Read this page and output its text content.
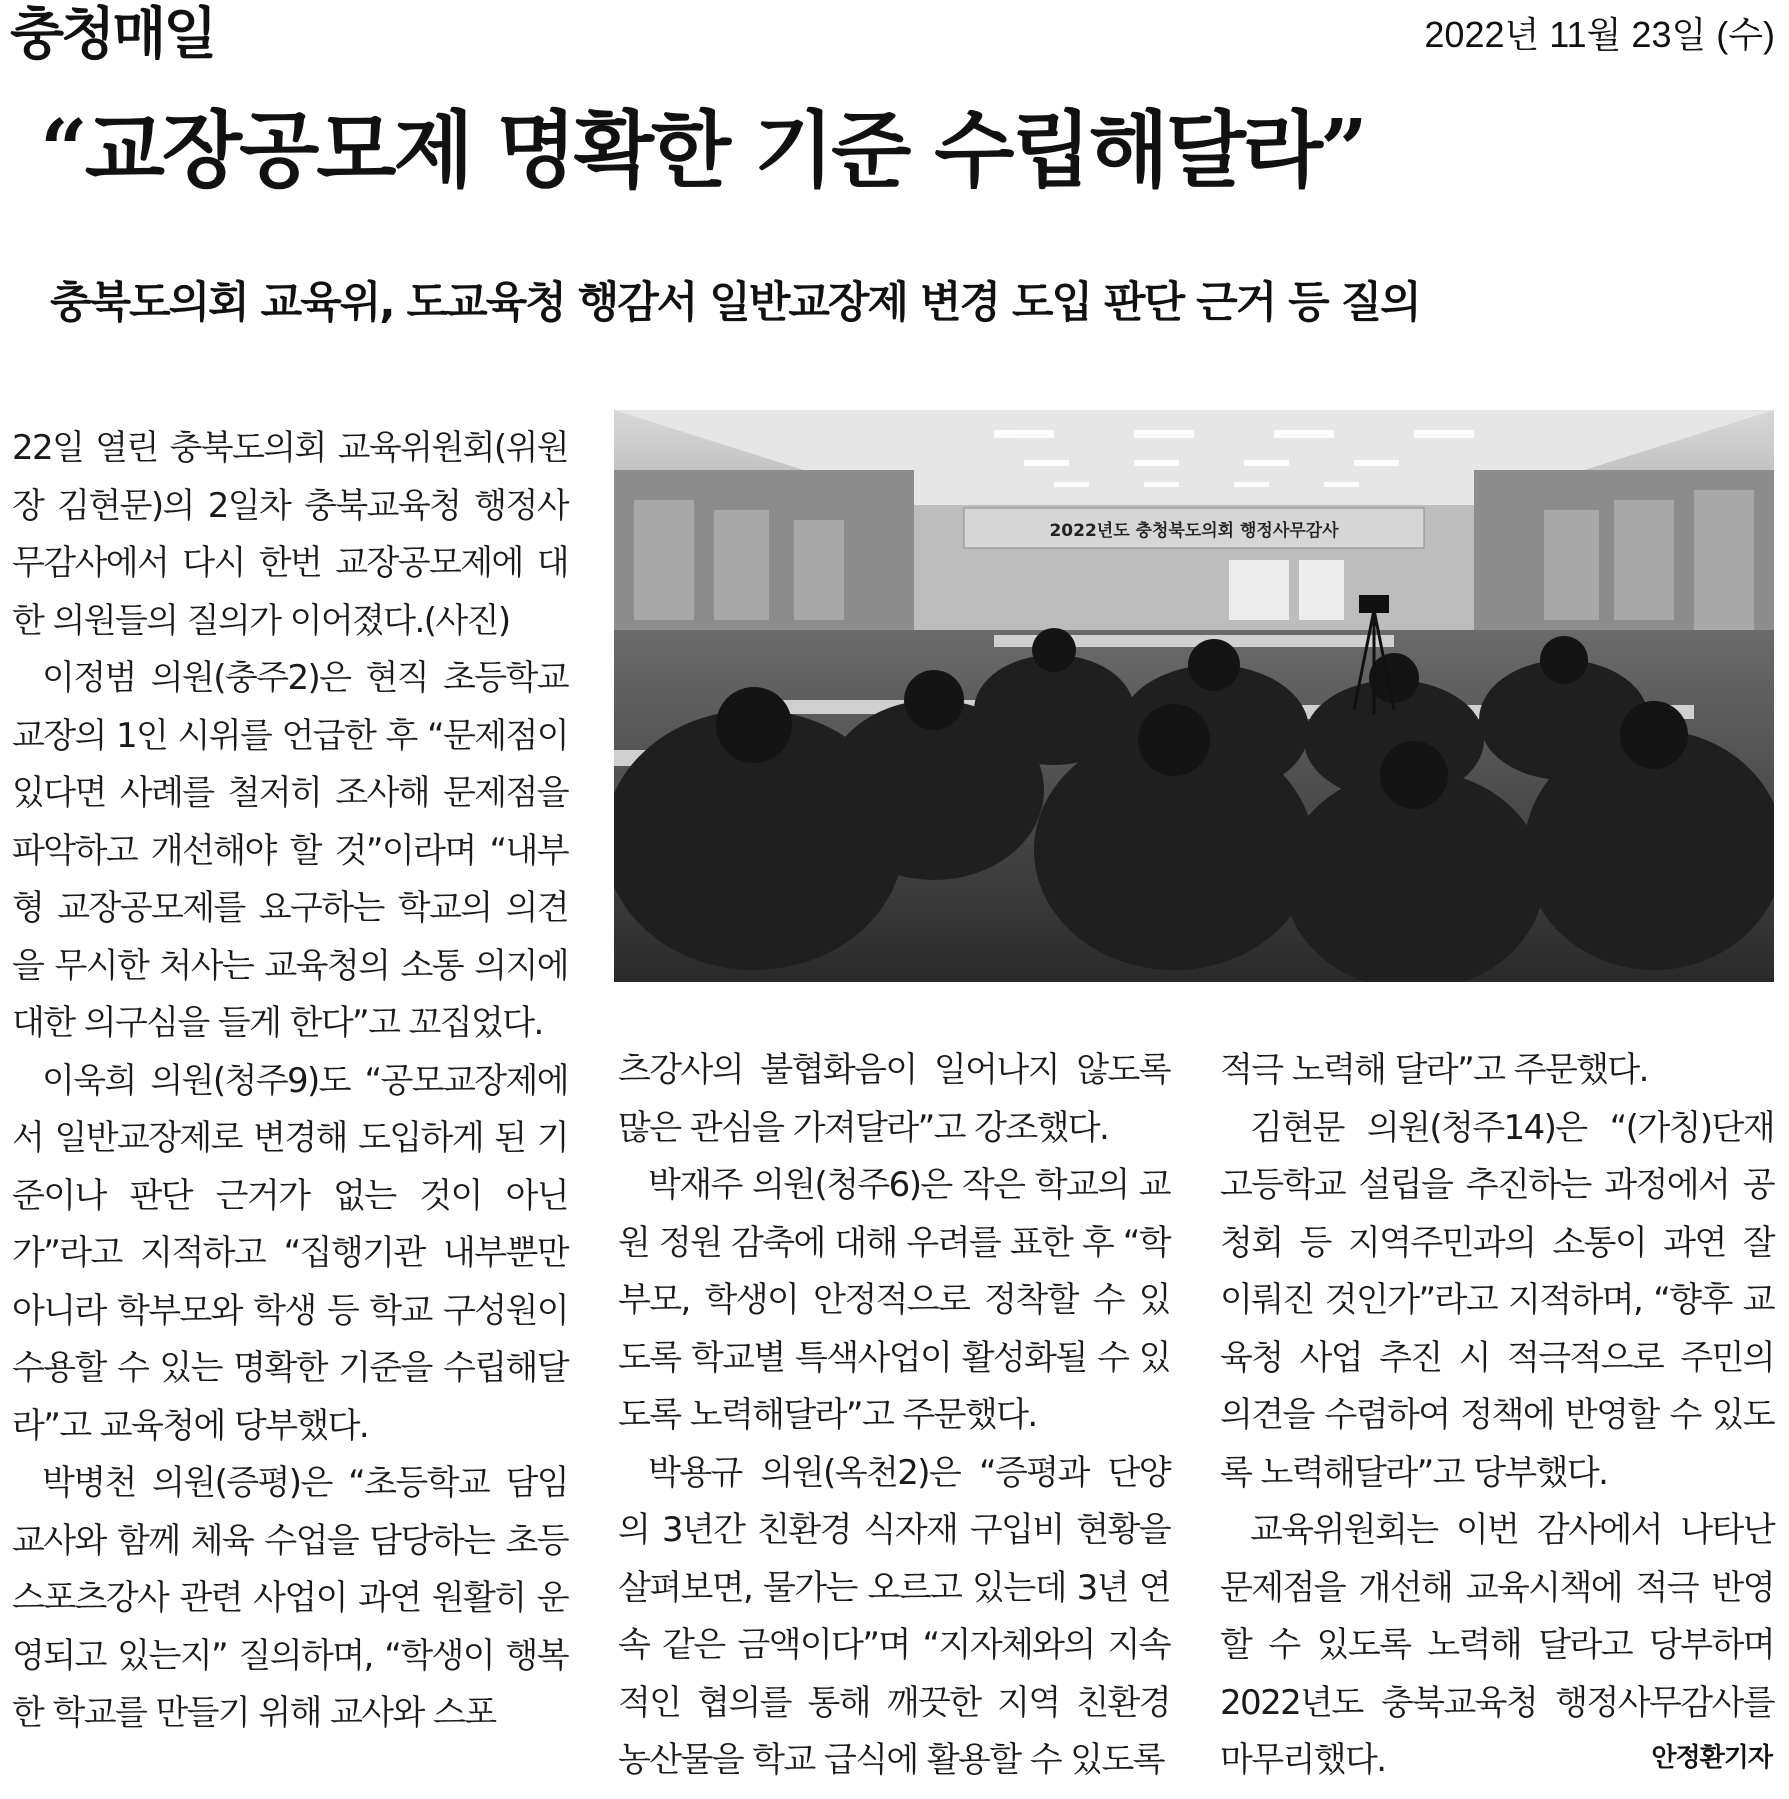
충청매일	2022년 11월 23일 (수)
“교장공모제 명확한 기준 수립해달라”
충북도의회 교육위, 도교육청 행감서 일반교장제 변경 도입 판단 근거 등 질의

22일 열린 충북도의회 교육위원회(위원장 김현문)의 2일차 충북교육청 행정사무감사에서 다시 한번 교장공모제에 대한 의원들의 질의가 이어졌다.(사진)

이정범 의원(충주2)은 현직 초등학교 교장의 1인 시위를 언급한 후 “문제점이 있다면 사례를 철저히 조사해 문제점을 파악하고 개선해야 할 것”이라며 “내부형 교장공모제를 요구하는 학교의 의견을 무시한 처사는 교육청의 소통 의지에 대한 의구심을 들게 한다”고 꼬집었다.

이욱희 의원(청주9)도 “공모교장제에서 일반교장제로 변경해 도입하게 된 기준이나 판단 근거가 없는 것이 아닌가”라고 지적하고 “집행기관 내부뿐만 아니라 학부모와 학생 등 학교 구성원이 수용할 수 있는 명확한 기준을 수립해달라”고 교육청에 당부했다.

박병천 의원(증평)은 “초등학교 담임교사와 함께 체육 수업을 담당하는 초등스포츠강사 관련 사업이 과연 원활히 운영되고 있는지” 질의하며, “학생이 행복한 학교를 만들기 위해 교사와 스포

2022년도 충청북도의회 행정사무감사

츠강사의 불협화음이 일어나지 않도록 많은 관심을 가져달라”고 강조했다.

박재주 의원(청주6)은 작은 학교의 교원 정원 감축에 대해 우려를 표한 후 “학부모, 학생이 안정적으로 정착할 수 있도록 학교별 특색사업이 활성화될 수 있도록 노력해달라”고 주문했다.

박용규 의원(옥천2)은 “증평과 단양의 3년간 친환경 식자재 구입비 현황을 살펴보면, 물가는 오르고 있는데 3년 연속 같은 금액이다”며 “지자체와의 지속적인 협의를 통해 깨끗한 지역 친환경 농산물을 학교 급식에 활용할 수 있도록

적극 노력해 달라”고 주문했다.

김현문 의원(청주14)은 “(가칭)단재고등학교 설립을 추진하는 과정에서 공청회 등 지역주민과의 소통이 과연 잘 이뤄진 것인가”라고 지적하며, “향후 교육청 사업 추진 시 적극적으로 주민의 의견을 수렴하여 정책에 반영할 수 있도록 노력해달라”고 당부했다.

교육위원회는 이번 감사에서 나타난 문제점을 개선해 교육시책에 적극 반영할 수 있도록 노력해 달라고 당부하며 2022년도 충북교육청 행정사무감사를 마무리했다.	안정환기자
